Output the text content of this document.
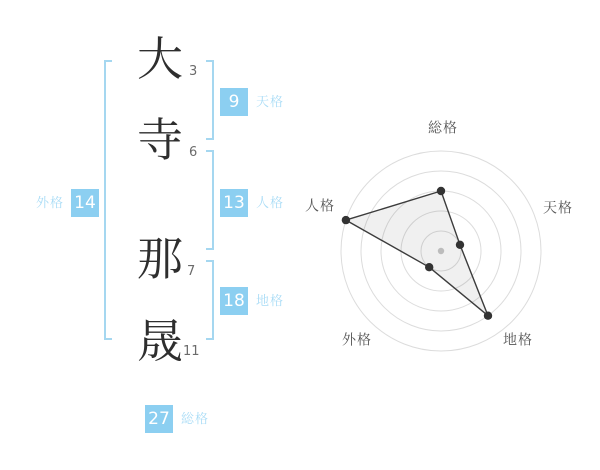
大
寺
那
晟
3
6
7
11
9	天格
13 人格
18 地格
外格 14
27 総格
総格
天格
地格
外格
人格
